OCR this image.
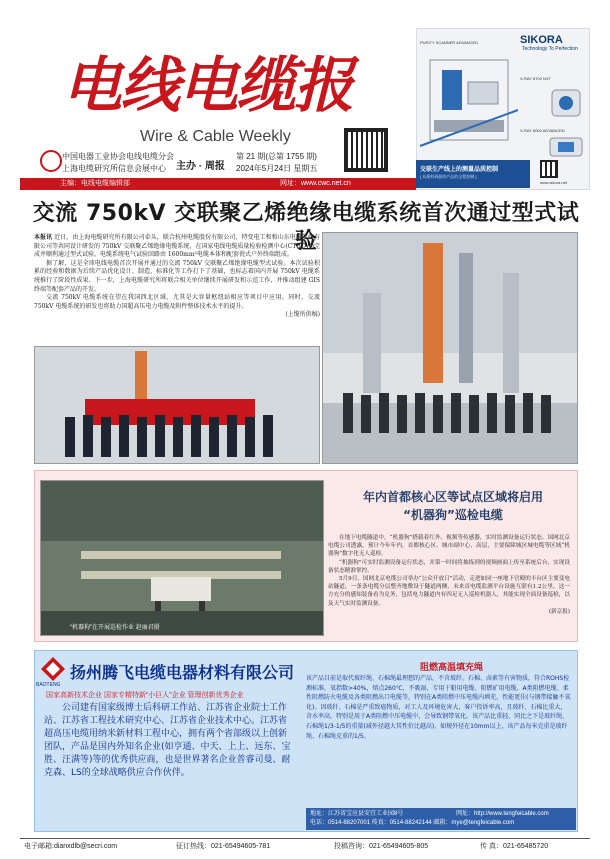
电线电缆报
Wire & Cable Weekly
中国电器工业协会电线电缆分会
上海电缆研究所信息会展中心 主办 · 周报
第 21 期(总第 1755 期)
2024年5月24日 星期五
主编：电线电缆编辑部	网址：www.cwc.net.cn
SIKORA
Technology To Perfection
PURITY SCANNER ADVANCED
X-RAY 8700 NXT
X-RAY 6000 ADVANCED
交联生产线上的测量品质控制
[ 从源料到最终产品的全程控制 ]
www.sikora.net
交流 750kV 交联聚乙烯绝缘电缆系统首次通过型式试验

本报讯 近日，由上海电缆研究所有限公司牵头，联合杭州电缆股份有限公司、特变电工和和山东电缆附件有限公司等共同设计研发的 750kV 交联聚乙烯绝缘电缆系统，在国家电线电缆质量检验检测中心(CTBCW)完成并顺利通过型式试验。电缆系统电气试验回路由 1600mm²电缆本体和配套瓷式户外终端组成。

据了解，这是全球电线电缆首次开展并通过的交流 750kV 交联聚乙烯绝缘电缆型式试验。本次试验积累的经验和数据为后续产品优化设计、制造、标准化等工作打下了基础，也标志着国内开展 750kV 电缆系统推行了阶段性成果。下一步，上海电缆研究所将联合相关单位继续开展研发和示范工作，并推动组建 GIS 终端等配套产品的开发。

交流 750kV 电缆系统在望在我国西北区域、尤其是大容量枢纽站相应等项目中应用。同时，交流 750kV 电缆系统的研发也将助力国超高压电力电缆及附件整体技术水平的提升。

(上缆所供稿)

“机器狗”在开展巡检作业 赵丽君摄
年内首都核心区等试点区域将启用
“机器狗”巡检电缆

在地下电缆隧道中，“机器狗”搭载着红外、视频等传感器，实时监测设备运行状态。国网北京电缆公司透露，预计今年年内，首都核心区、城市副中心、高层，主要保障城区城电缆等区域“机器狗”数字化无人巡检。

“机器狗”可实时监测设备运行状态，并第一时间将抽拣到的视频画面上传至系统后台，实现设备状态精准掌控。

5月9日，国网北京电缆公司举办“公众开放日”活动，走进如同一座地下宫殿的丰台区主要变电站隧道，一条条电缆分层整齐地敷设于隧道两侧，未来首电缆监测平台设施互联有1.2公里，这一方充分的感知装备看为兑务，包括电力隧道内有四足无人巡检机器人，其能实现全面设备巡检，以及天气实时监测设备。

(新京报)

BAOTENG
扬州腾飞电缆电器材料有限公司
国家高新技术企业 国家专精特新“小巨人”企业 管理创新优秀企业
公司建有国家级博士后科研工作站、江苏省企业院士工作站、江苏省工程技术研究中心、江苏省企业技术中心。江苏省超高压电缆用纳米新材料工程中心，拥有两个省部级以上创新团队，产品是国内外知名企业(如亨通、中天、上上、远东、宝胜、汪满等)等的优秀供应商，也是世界著名企业普睿司曼、耐克森、LS的全球战略供应合作伙伴。
阻燃高温填充绳
该产品目前是取代玻纤绳、石棉绳最理想的产品，不含玻纤、石棉、卤素等有害物质，符合ROHS检测标准，氧指数>40%，熔点260℃，不吸湿，专用于船用电缆、阻燃矿用电缆、A类阻燃电缆、柔性阻燃防火电缆及各类阻燃出口电缆等，特别在A类阻燃中压电缆内填充，性能更佳(与钢带接触不氧化)。因玻纤、石棉是严重致癌物质，对工人及环境危害大，客户投诉率高，且玻纤、石棉比重大，含水率高，特别是用于A类阻燃中压电缆中，会导致钢带氧化。该产品比重轻，同比之下是玻纤绳、石棉绳1/3-1/5的重量(减外径越大其性价比越高)，如规外径在10mm以上，该产品每米克重是玻纤绳、石棉绳克重的1/5。
地址：江苏省宝应县安宜工业园8号	网址：http://www.tengfeicable.com
电话：0514-88207001 传真：0514-88242144 邮箱：mye@tengfeicable.com
电子邮箱:dianxdlb@secri.com	征订热线：021-65494605-781	投稿咨询：021-65494605-805	传 真：021-65485720
